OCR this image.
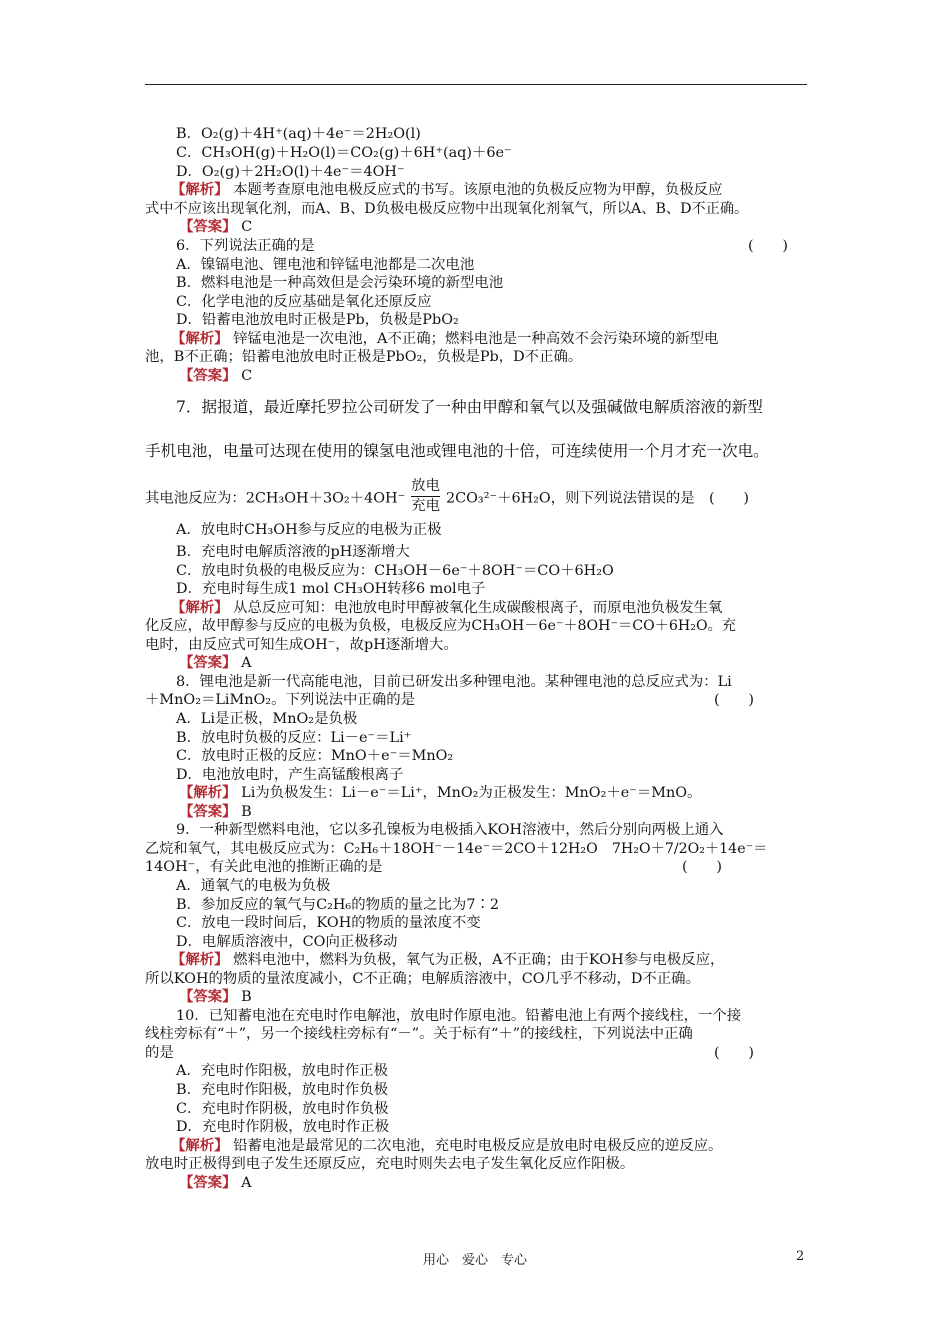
B．O₂(g)＋4H⁺(aq)＋4e⁻＝2H₂O(l)
C．CH₃OH(g)＋H₂O(l)＝CO₂(g)＋6H⁺(aq)＋6e⁻
D．O₂(g)＋2H₂O(l)＋4e⁻＝4OH⁻
【解析】 本题考查原电池电极反应式的书写。该原电池的负极反应物为甲醇，负极反应
式中不应该出现氧化剂，而A、B、D负极电极反应物中出现氧化剂氧气，所以A、B、D不正确。
【答案】 C
6．下列说法正确的是	(　　)
A．镍镉电池、锂电池和锌锰电池都是二次电池
B．燃料电池是一种高效但是会污染环境的新型电池
C．化学电池的反应基础是氧化还原反应
D．铅蓄电池放电时正极是Pb，负极是PbO₂
【解析】 锌锰电池是一次电池，A不正确；燃料电池是一种高效不会污染环境的新型电
池，B不正确；铅蓄电池放电时正极是PbO₂，负极是Pb，D不正确。
【答案】 C
7．据报道，最近摩托罗拉公司研发了一种由甲醇和氧气以及强碱做电解质溶液的新型
手机电池，电量可达现在使用的镍氢电池或锂电池的十倍，可连续使用一个月才充一次电。
其电池反应为：$2CH_3OH+3O_2+4OH^- \frac{\text{放电}}{\text{充电}} 2CO_3^{2-}+6H_2O$，则下列说法错误的是　(　　)
A．放电时CH₃OH参与反应的电极为正极
B．充电时电解质溶液的pH逐渐增大
C．放电时负极的电极反应为：CH₃OH－6e⁻＋8OH⁻＝CO＋6H₂O
D．充电时每生成1 mol CH₃OH转移6 mol电子
【解析】 从总反应可知：电池放电时甲醇被氧化生成碳酸根离子，而原电池负极发生氧
化反应，故甲醇参与反应的电极为负极，电极反应为CH₃OH－6e⁻＋8OH⁻＝CO＋6H₂O。充
电时，由反应式可知生成OH⁻，故pH逐渐增大。
【答案】 A
8．锂电池是新一代高能电池，目前已研发出多种锂电池。某种锂电池的总反应式为：Li
＋MnO₂＝LiMnO₂。下列说法中正确的是	(　　)
A．Li是正极，MnO₂是负极
B．放电时负极的反应：Li－e⁻＝Li⁺
C．放电时正极的反应：MnO＋e⁻＝MnO₂
D．电池放电时，产生高锰酸根离子
【解析】 Li为负极发生：Li－e⁻＝Li⁺，MnO₂为正极发生：MnO₂＋e⁻＝MnO。
【答案】 B
9．一种新型燃料电池，它以多孔镍板为电极插入KOH溶液中，然后分别向两极上通入
乙烷和氧气，其电极反应式为：C₂H₆＋18OH⁻－14e⁻＝2CO＋12H₂O　7H₂O＋7/2O₂＋14e⁻＝
14OH⁻，有关此电池的推断正确的是	(　　)
A．通氧气的电极为负极
B．参加反应的氧气与C₂H₆的物质的量之比为7∶2
C．放电一段时间后，KOH的物质的量浓度不变
D．电解质溶液中，CO向正极移动
【解析】 燃料电池中，燃料为负极，氧气为正极，A不正确；由于KOH参与电极反应，
所以KOH的物质的量浓度减小，C不正确；电解质溶液中，CO几乎不移动，D不正确。
【答案】 B
10．已知蓄电池在充电时作电解池，放电时作原电池。铅蓄电池上有两个接线柱，一个接
线柱旁标有“＋”，另一个接线柱旁标有“－”。关于标有“＋”的接线柱，下列说法中正确
的是	(　　)
A．充电时作阳极，放电时作正极
B．充电时作阳极，放电时作负极
C．充电时作阴极，放电时作负极
D．充电时作阴极，放电时作正极
【解析】 铅蓄电池是最常见的二次电池，充电时电极反应是放电时电极反应的逆反应。
放电时正极得到电子发生还原反应，充电时则失去电子发生氧化反应作阳极。
【答案】 A
用心　爱心　专心	2
